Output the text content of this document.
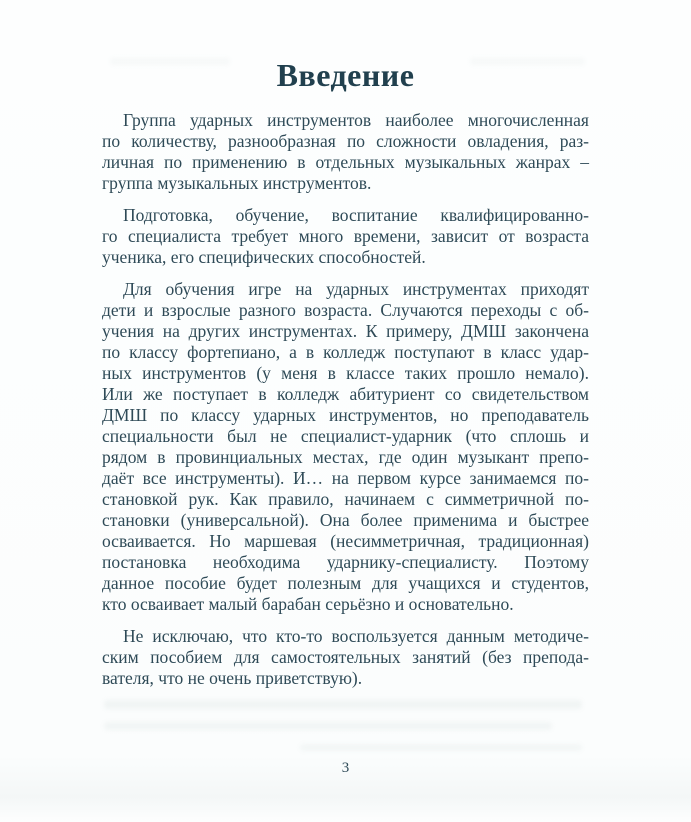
Введение
Группа ударных инструментов наиболее многочисленная
по количеству, разнообразная по сложности овладения, раз-
личная по применению в отдельных музыкальных жанрах –
группа музыкальных инструментов.
Подготовка, обучение, воспитание квалифицированно-
го специалиста требует много времени, зависит от возраста
ученика, его специфических способностей.
Для обучения игре на ударных инструментах приходят
дети и взрослые разного возраста. Случаются переходы с об-
учения на других инструментах. К примеру, ДМШ закончена
по классу фортепиано, а в колледж поступают в класс удар-
ных инструментов (у меня в классе таких прошло немало).
Или же поступает в колледж абитуриент со свидетельством
ДМШ по классу ударных инструментов, но преподаватель
специальности был не специалист-ударник (что сплошь и
рядом в провинциальных местах, где один музыкант препо-
даёт все инструменты). И… на первом курсе занимаемся по-
становкой рук. Как правило, начинаем с симметричной по-
становки (универсальной). Она более применима и быстрее
осваивается. Но маршевая (несимметричная, традиционная)
постановка необходима ударнику-специалисту. Поэтому
данное пособие будет полезным для учащихся и студентов,
кто осваивает малый барабан серьёзно и основательно.
Не исключаю, что кто-то воспользуется данным методиче-
ским пособием для самостоятельных занятий (без препода-
вателя, что не очень приветствую).
3
